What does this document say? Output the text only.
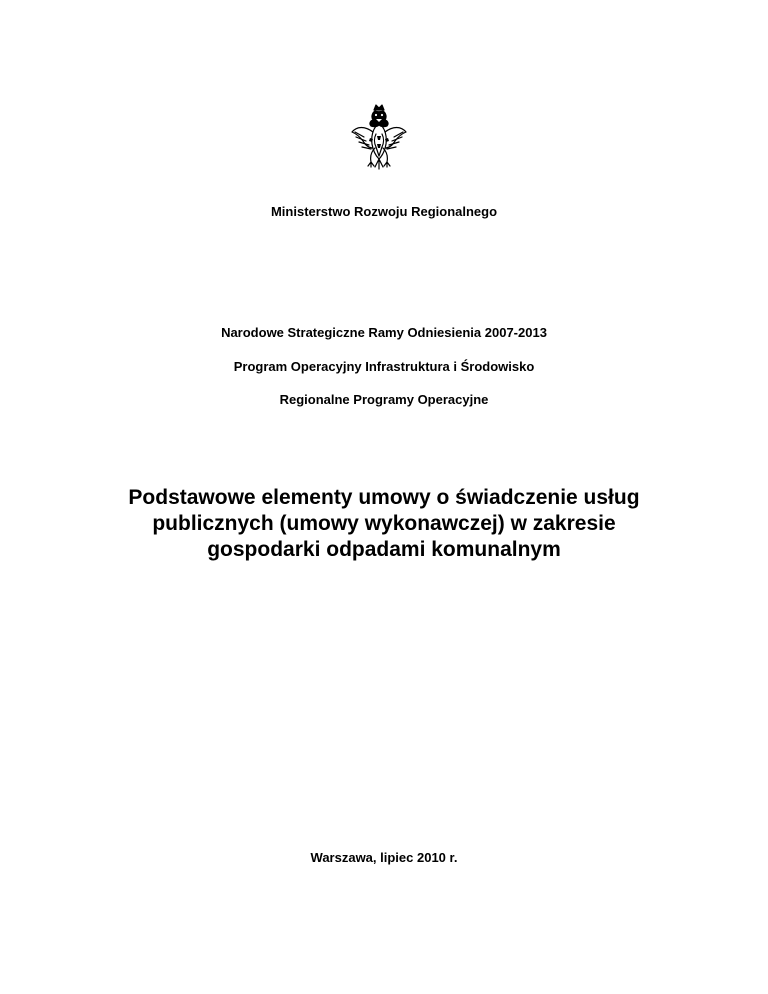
Ministerstwo Rozwoju Regionalnego
Narodowe Strategiczne Ramy Odniesienia 2007-2013
Program Operacyjny Infrastruktura i Środowisko
Regionalne Programy Operacyjne
Podstawowe elementy umowy o świadczenie usług
publicznych (umowy wykonawczej) w zakresie
gospodarki odpadami komunalnym
Warszawa, lipiec 2010 r.
